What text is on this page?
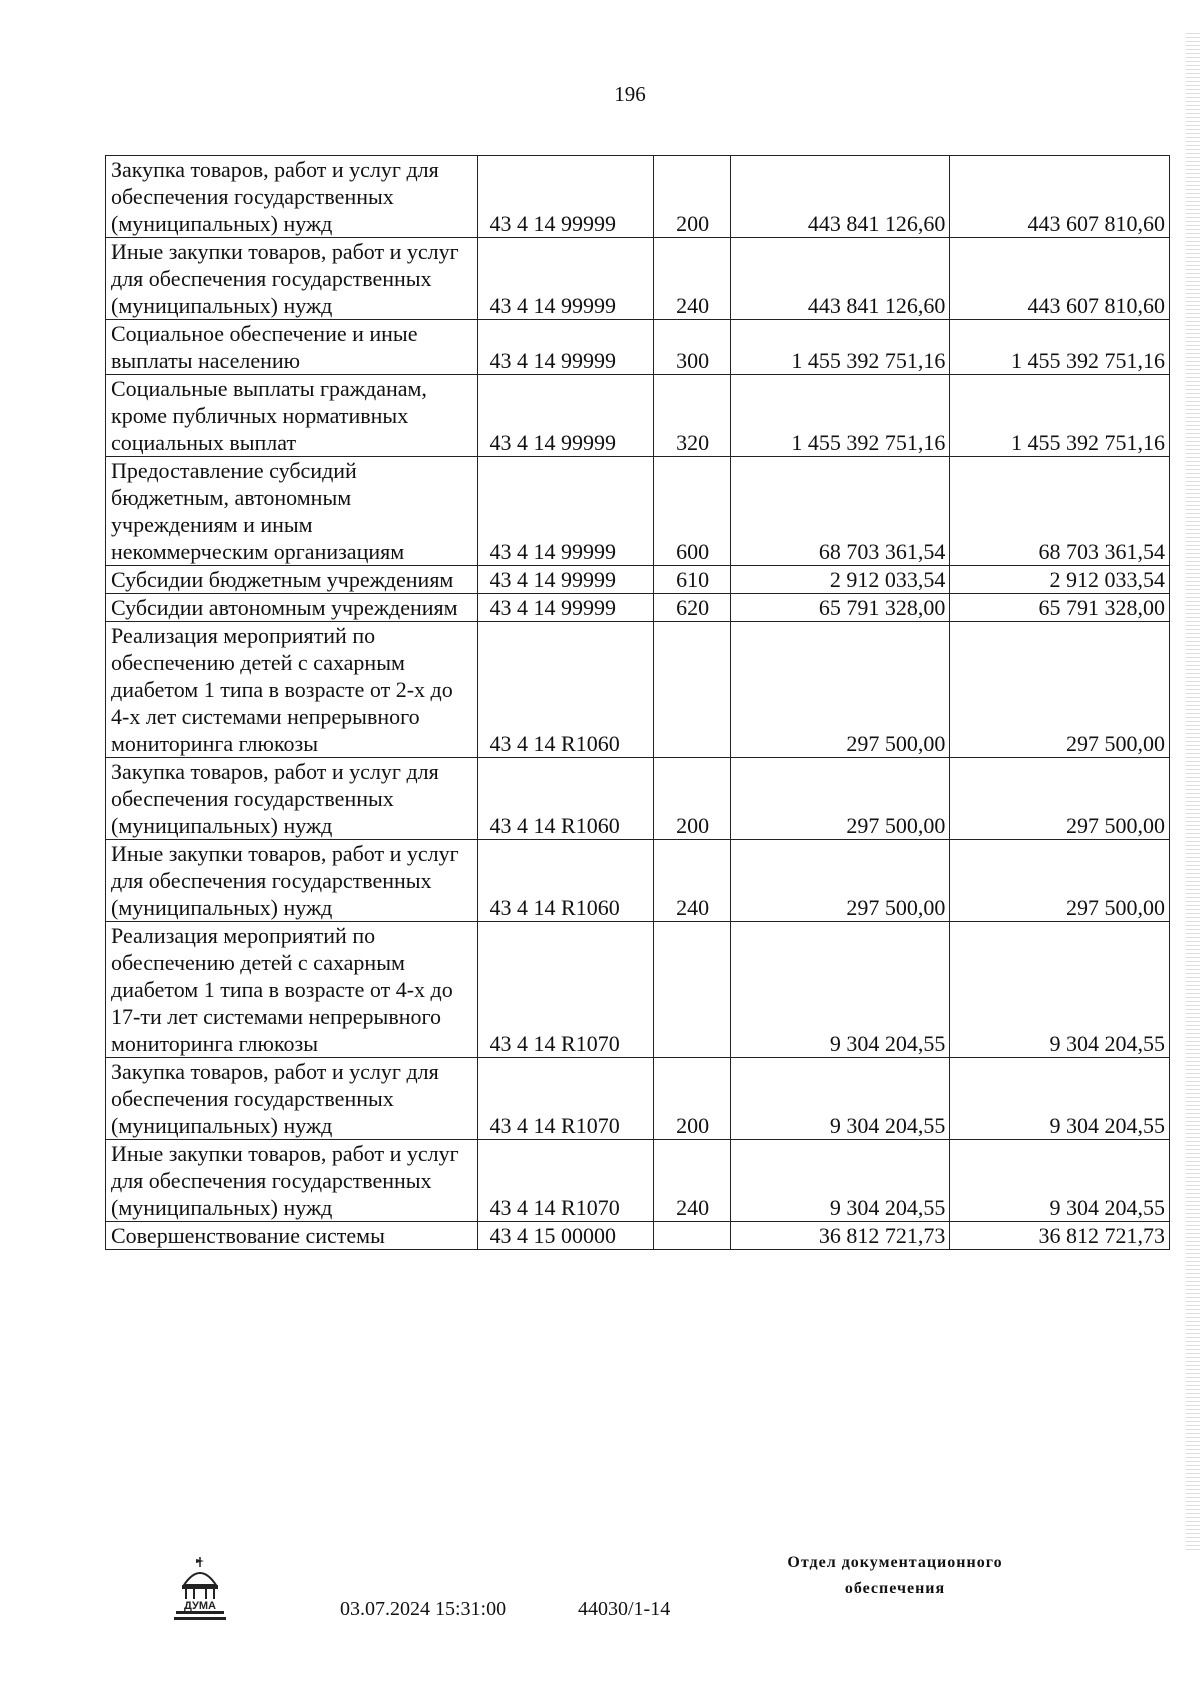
196
Закупка товаров, работ и услуг для обеспечения государственных (муниципальных) нужд	43 4 14 99999	200	443 841 126,60	443 607 810,60
Иные закупки товаров, работ и услуг для обеспечения государственных (муниципальных) нужд	43 4 14 99999	240	443 841 126,60	443 607 810,60
Социальное обеспечение и иные выплаты населению	43 4 14 99999	300	1 455 392 751,16	1 455 392 751,16
Социальные выплаты гражданам, кроме публичных нормативных социальных выплат	43 4 14 99999	320	1 455 392 751,16	1 455 392 751,16
Предоставление субсидий бюджетным, автономным учреждениям и иным некоммерческим организациям	43 4 14 99999	600	68 703 361,54	68 703 361,54
Субсидии бюджетным учреждениям	43 4 14 99999	610	2 912 033,54	2 912 033,54
Субсидии автономным учреждениям	43 4 14 99999	620	65 791 328,00	65 791 328,00
Реализация мероприятий по обеспечению детей с сахарным диабетом 1 типа в возрасте от 2-х до 4-х лет системами непрерывного мониторинга глюкозы	43 4 14 R1060		297 500,00	297 500,00
Закупка товаров, работ и услуг для обеспечения государственных (муниципальных) нужд	43 4 14 R1060	200	297 500,00	297 500,00
Иные закупки товаров, работ и услуг для обеспечения государственных (муниципальных) нужд	43 4 14 R1060	240	297 500,00	297 500,00
Реализация мероприятий по обеспечению детей с сахарным диабетом 1 типа в возрасте от 4-х до 17-ти лет системами непрерывного мониторинга глюкозы	43 4 14 R1070		9 304 204,55	9 304 204,55
Закупка товаров, работ и услуг для обеспечения государственных (муниципальных) нужд	43 4 14 R1070	200	9 304 204,55	9 304 204,55
Иные закупки товаров, работ и услуг для обеспечения государственных (муниципальных) нужд	43 4 14 R1070	240	9 304 204,55	9 304 204,55
Совершенствование системы	43 4 15 00000		36 812 721,73	36 812 721,73
ДУМА	03.07.2024 15:31:00	44030/1-14
Отдел документационного
обеспечения
